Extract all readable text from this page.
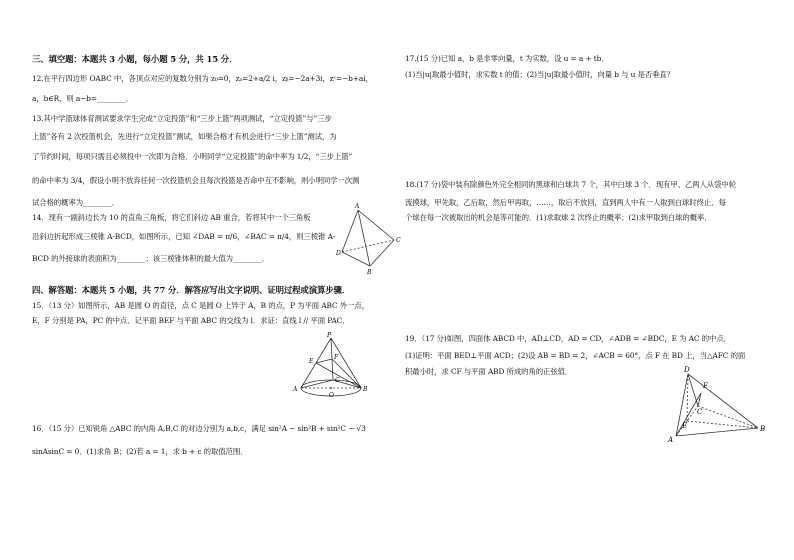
三、填空题：本题共 3 小题，每小题 5 分，共 15 分．
12.在平行四边形 OABC 中，各顶点对应的复数分别为 z₀=0，zₐ=2+a/2 i，zᵦ=−2a+3i，zᶜ=−b+ai，
a，b∈R，则 a−b=________．
13.其中学篮球体育测试要求学生完成“立定投篮”和“三步上篮”两项测试，“立定投篮”与“三步
上篮”各有 2 次投篮机会，先进行“立定投篮”测试，如果合格才有机会进行“三步上篮”测试，为
了节约时间，每项只需且必须投中一次即为合格．小明同学“立定投篮”的命中率为 1/2，“三步上篮”
的命中率为 3/4，假设小明不放弃任何一次投篮机会且每次投篮是否命中互不影响，则小明同学一次测
试合格的概率为________．
14．现有一副斜边长为 10 的直角三角板，将它们斜边 AB 重合，若将其中一个三角板
沿斜边折起形成三棱锥 A-BCD，如图所示，已知 ∠DAB = π/6，∠BAC = π/4，则三棱锥 A-
BCD 的外接球的表面积为________；该三棱锥体积的最大值为________．
四、解答题：本题共 5 小题，共 77 分．解答应写出文字说明、证明过程或演算步骤．
15．（13 分）如图所示，AB 是圆 O 的直径，点 C 是圆 O 上异于 A，B 的点，P 为平面 ABC 外一点，
E，F 分别是 PA，PC 的中点．记平面 BEF 与平面 ABC 的交线为 l．求证：直线 l // 平面 PAC．
16．（15 分）已知锐角 △ABC 的内角 A,B,C 的对边分别为 a,b,c，满足 sin²A − sin²B + sin²C − √3
sinAsinC = 0．(1)求角 B；(2)若 a = 1，求 b + c 的取值范围．
A
B
C
D
P
F
E
C
A
O
B
17.(15 分)已知 a，b 是非零向量，t 为实数，设 u = a + tb．
(1)当|u|取最小值时，求实数 t 的值；(2)当|u|取最小值时，向量 b 与 u 是否垂直？
18.(17 分)袋中装有除颜色外完全相同的黑球和白球共 7 个，其中白球 3 个．现有甲、乙两人从袋中轮
流摸球，甲先取，乙后取，然后甲再取，……，取后不放回，直到两人中有一人取到白球时终止．每
个球在每一次被取出的机会是等可能的．(1)求取球 2 次终止的概率；(2)求甲取到白球的概率．
19．（17 分)如图，四面体 ABCD 中，AD⊥CD，AD = CD，∠ADB = ∠BDC，E 为 AC 的中点．
(1)证明：平面 BED⊥平面 ACD；(2)设 AB = BD = 2，∠ACB = 60°，点 F 在 BD 上，当△AFC 的面
积最小时，求 CF 与平面 ABD 所成的角的正弦值．	D
F
C
E
A
B
